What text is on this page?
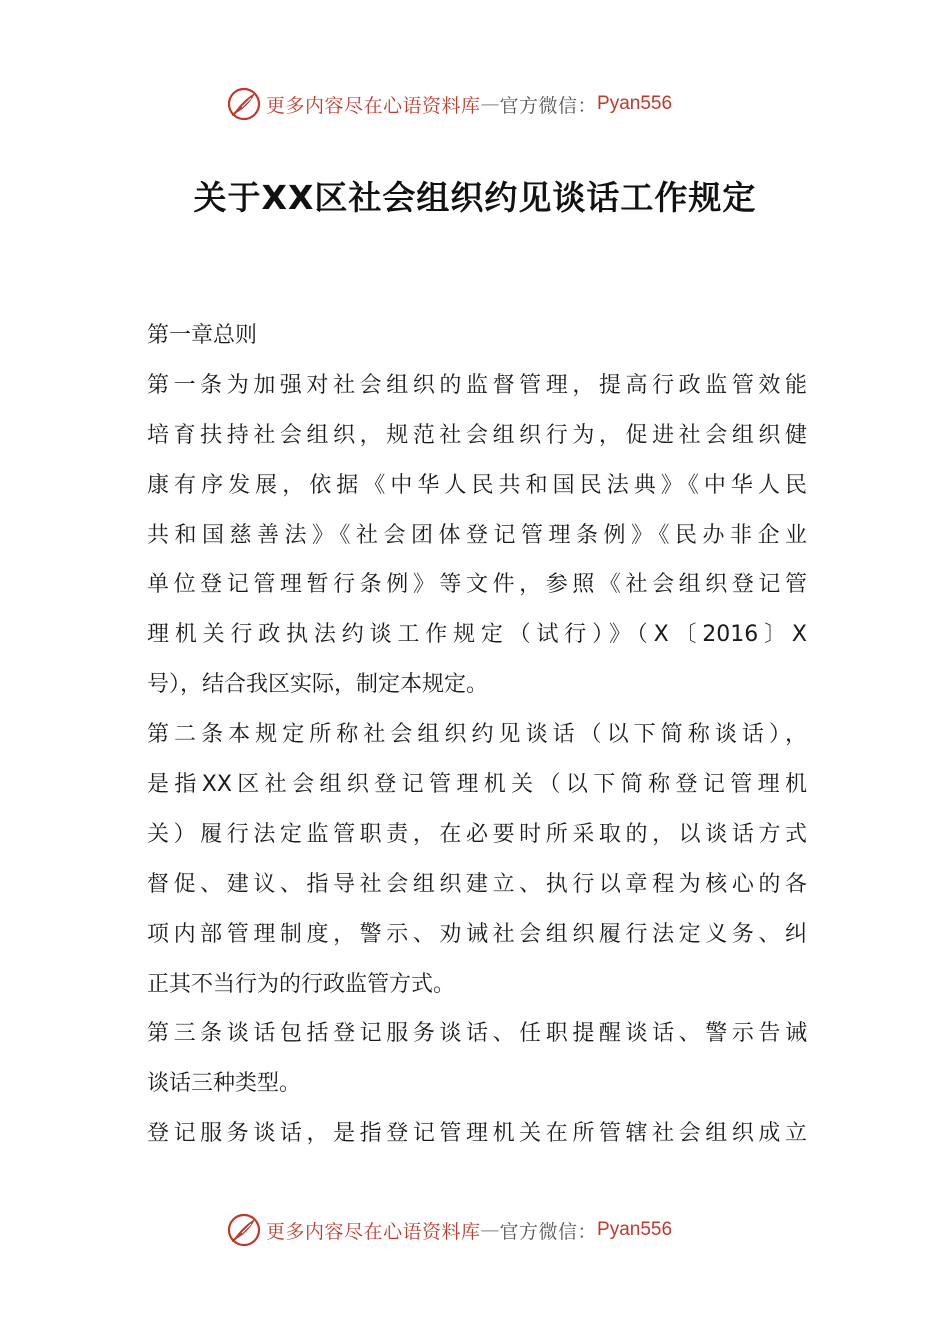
更多内容尽在心语资料库 — 官方微信： Pyan556
关于XX区社会组织约见谈话工作规定
第一章总则
第一条为加强对社会组织的监督管理，提高行政监管效能
培育扶持社会组织，规范社会组织行为，促进社会组织健
康有序发展，依据《中华人民共和国民法典》《中华人民
共和国慈善法》《社会团体登记管理条例》《民办非企业
单位登记管理暂行条例》等文件，参照《社会组织登记管
理机关行政执法约谈工作规定（试行）》（X〔2016〕X
号），结合我区实际，制定本规定。
第二条本规定所称社会组织约见谈话（以下简称谈话），
是指XX区社会组织登记管理机关（以下简称登记管理机
关）履行法定监管职责，在必要时所采取的，以谈话方式
督促、建议、指导社会组织建立、执行以章程为核心的各
项内部管理制度，警示、劝诫社会组织履行法定义务、纠
正其不当行为的行政监管方式。
第三条谈话包括登记服务谈话、任职提醒谈话、警示告诫
谈话三种类型。
登记服务谈话，是指登记管理机关在所管辖社会组织成立
更多内容尽在心语资料库 — 官方微信： Pyan556
